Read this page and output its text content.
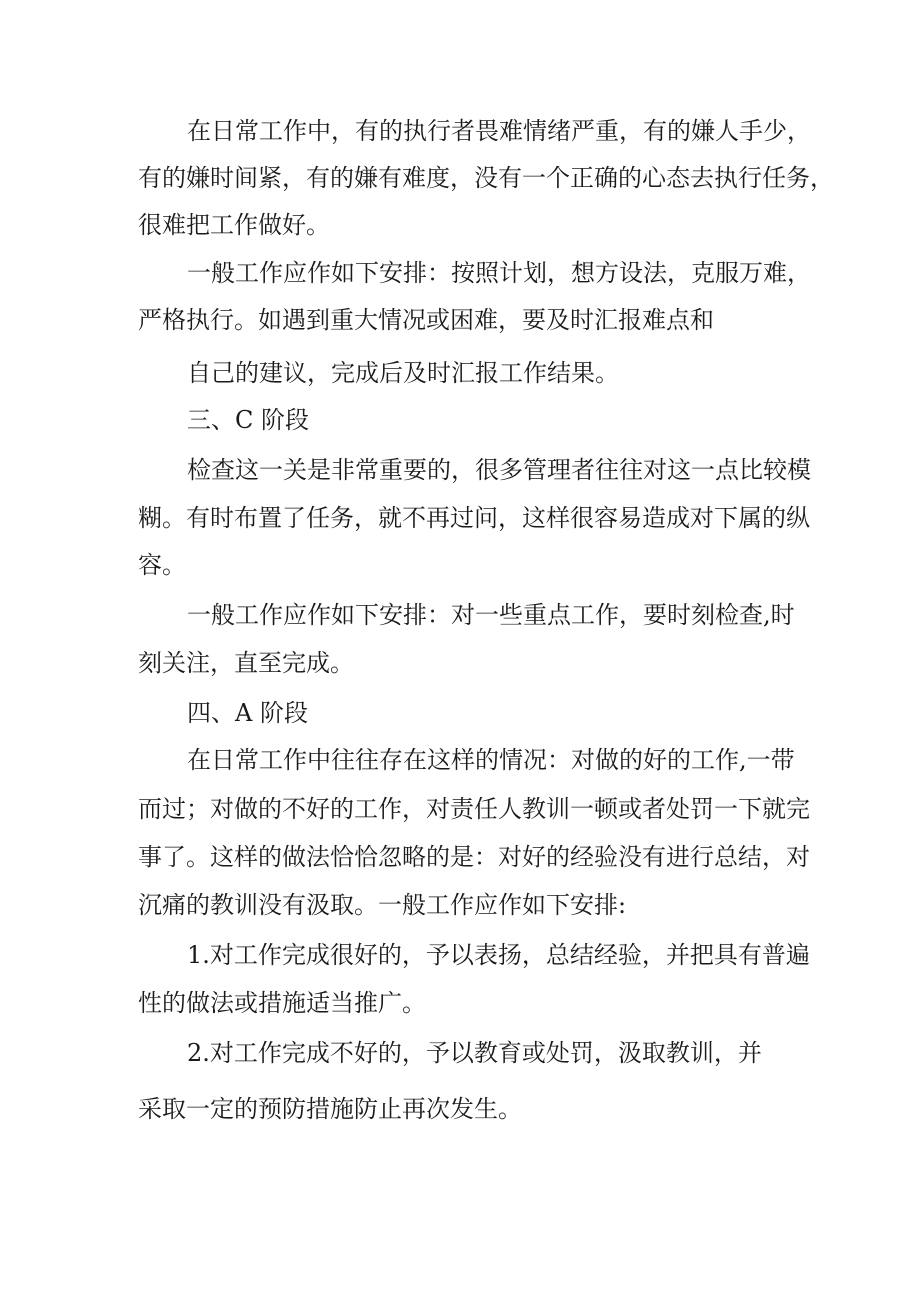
在日常工作中，有的执行者畏难情绪严重，有的嫌人手少，
有的嫌时间紧，有的嫌有难度，没有一个正确的心态去执行任务，
很难把工作做好。
一般工作应作如下安排：按照计划，想方设法，克服万难，
严格执行。如遇到重大情况或困难，要及时汇报难点和
自己的建议，完成后及时汇报工作结果。
三、C 阶段
检查这一关是非常重要的，很多管理者往往对这一点比较模
糊。有时布置了任务，就不再过问，这样很容易造成对下属的纵
容。
一般工作应作如下安排：对一些重点工作，要时刻检查,时
刻关注，直至完成。
四、A 阶段
在日常工作中往往存在这样的情况：对做的好的工作,一带
而过；对做的不好的工作，对责任人教训一顿或者处罚一下就完
事了。这样的做法恰恰忽略的是：对好的经验没有进行总结，对
沉痛的教训没有汲取。一般工作应作如下安排:
1.对工作完成很好的，予以表扬，总结经验，并把具有普遍
性的做法或措施适当推广。
2.对工作完成不好的，予以教育或处罚，汲取教训，并
采取一定的预防措施防止再次发生。
